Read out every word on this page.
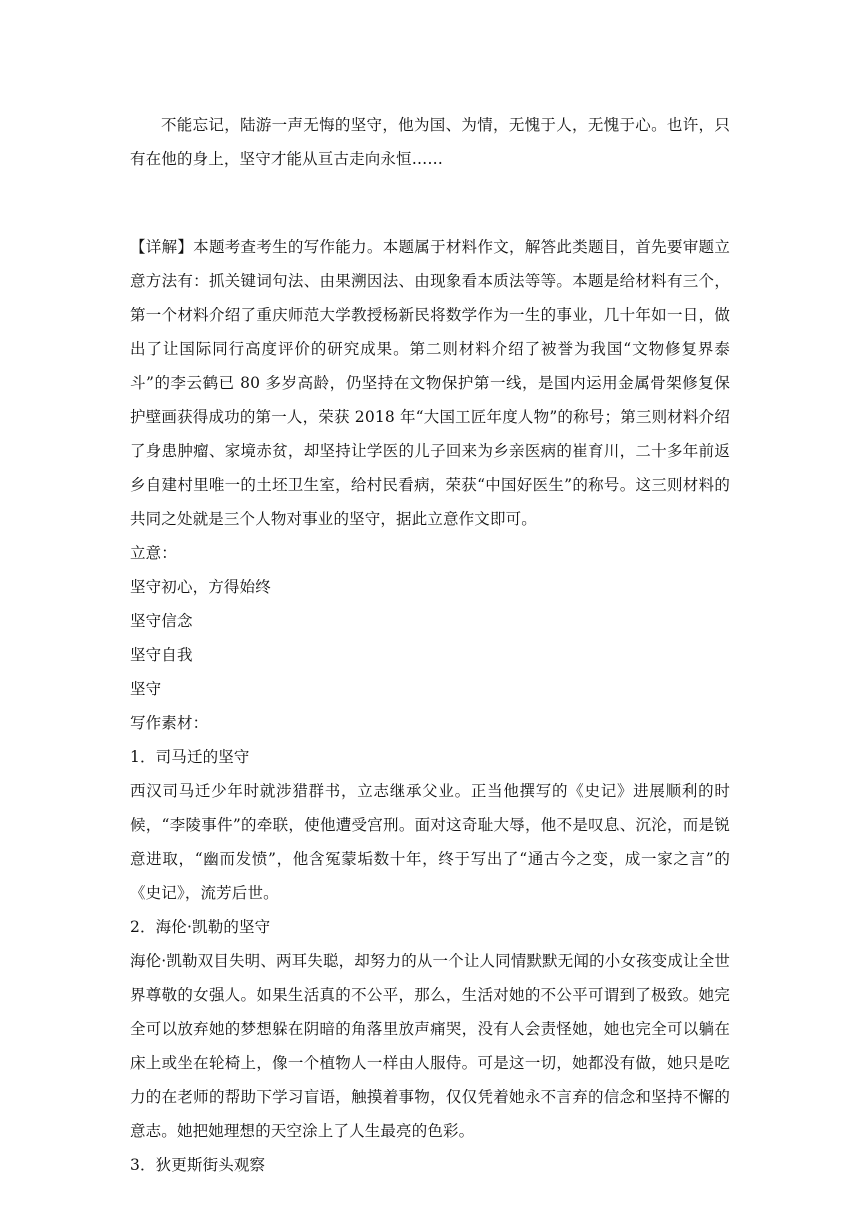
不能忘记，陆游一声无悔的坚守，他为国、为情，无愧于人，无愧于心。也许，只有在他的身上，坚守才能从亘古走向永恒……

【详解】本题考查考生的写作能力。本题属于材料作文，解答此类题目，首先要审题立意方法有：抓关键词句法、由果溯因法、由现象看本质法等等。本题是给材料有三个，第一个材料介绍了重庆师范大学教授杨新民将数学作为一生的事业，几十年如一日，做出了让国际同行高度评价的研究成果。第二则材料介绍了被誉为我国“文物修复界泰斗”的李云鹤已 80 多岁高龄，仍坚持在文物保护第一线，是国内运用金属骨架修复保护壁画获得成功的第一人，荣获 2018 年“大国工匠年度人物”的称号；第三则材料介绍了身患肿瘤、家境赤贫，却坚持让学医的儿子回来为乡亲医病的崔育川，二十多年前返乡自建村里唯一的土坯卫生室，给村民看病，荣获“中国好医生”的称号。这三则材料的共同之处就是三个人物对事业的坚守，据此立意作文即可。

立意：

坚守初心，方得始终

坚守信念

坚守自我

坚守

写作素材：

1．司马迁的坚守

西汉司马迁少年时就涉猎群书，立志继承父业。正当他撰写的《史记》进展顺利的时候，“李陵事件”的牵联，使他遭受宫刑。面对这奇耻大辱，他不是叹息、沉沦，而是锐意进取，“幽而发愤”，他含冤蒙垢数十年，终于写出了“通古今之变，成一家之言”的《史记》，流芳后世。

2．海伦·凯勒的坚守

海伦·凯勒双目失明、两耳失聪，却努力的从一个让人同情默默无闻的小女孩变成让全世界尊敬的女强人。如果生活真的不公平，那么，生活对她的不公平可谓到了极致。她完全可以放弃她的梦想躲在阴暗的角落里放声痛哭，没有人会责怪她，她也完全可以躺在床上或坐在轮椅上，像一个植物人一样由人服侍。可是这一切，她都没有做，她只是吃力的在老师的帮助下学习盲语，触摸着事物，仅仅凭着她永不言弃的信念和坚持不懈的意志。她把她理想的天空涂上了人生最亮的色彩。

3．狄更斯街头观察
